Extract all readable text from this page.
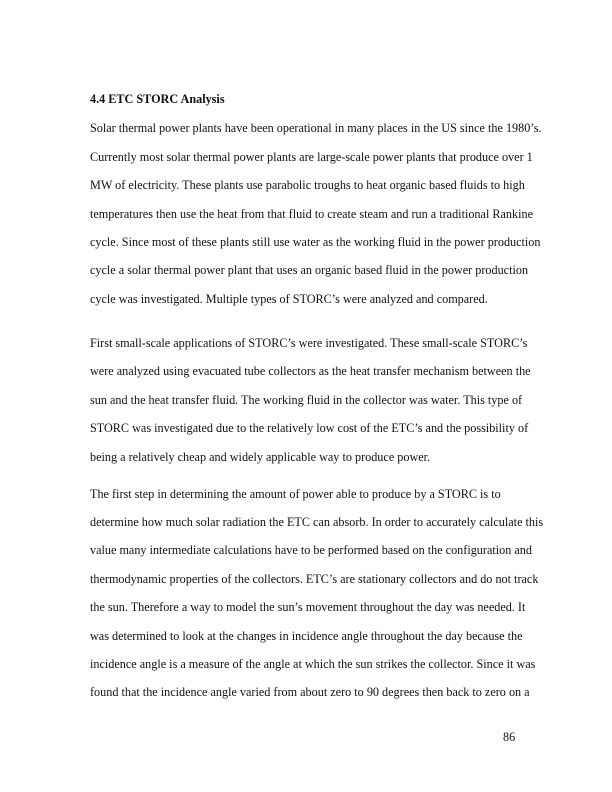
4.4 ETC STORC Analysis
Solar thermal power plants have been operational in many places in the US since the 1980’s.
Currently most solar thermal power plants are large-scale power plants that produce over 1
MW of electricity. These plants use parabolic troughs to heat organic based fluids to high
temperatures then use the heat from that fluid to create steam and run a traditional Rankine
cycle. Since most of these plants still use water as the working fluid in the power production
cycle a solar thermal power plant that uses an organic based fluid in the power production
cycle was investigated. Multiple types of STORC’s were analyzed and compared.
First small-scale applications of STORC’s were investigated. These small-scale STORC’s
were analyzed using evacuated tube collectors as the heat transfer mechanism between the
sun and the heat transfer fluid. The working fluid in the collector was water. This type of
STORC was investigated due to the relatively low cost of the ETC’s and the possibility of
being a relatively cheap and widely applicable way to produce power.
The first step in determining the amount of power able to produce by a STORC is to
determine how much solar radiation the ETC can absorb. In order to accurately calculate this
value many intermediate calculations have to be performed based on the configuration and
thermodynamic properties of the collectors. ETC’s are stationary collectors and do not track
the sun. Therefore a way to model the sun’s movement throughout the day was needed. It
was determined to look at the changes in incidence angle throughout the day because the
incidence angle is a measure of the angle at which the sun strikes the collector. Since it was
found that the incidence angle varied from about zero to 90 degrees then back to zero on a
86
